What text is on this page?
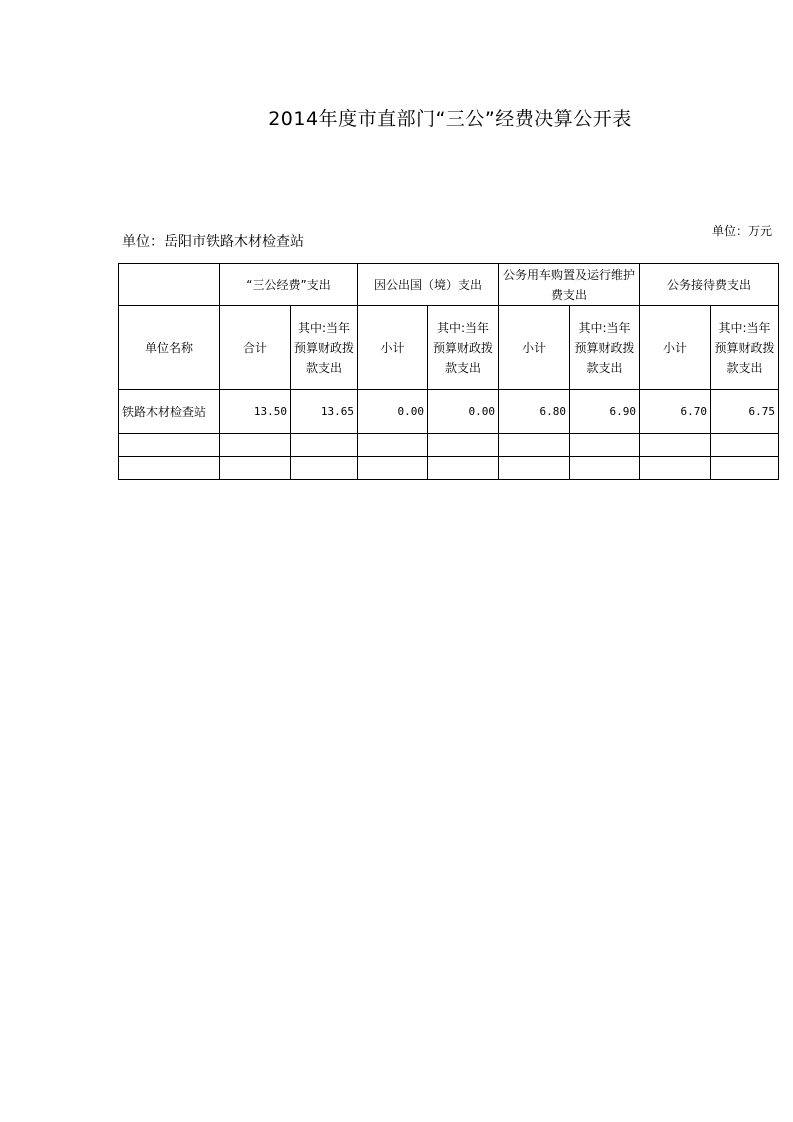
2014年度市直部门“三公”经费决算公开表
单位：岳阳市铁路木材检查站
单位：万元
	“三公经费”支出		因公出国（境）支出		公务用车购置及运行维护费支出		公务接待费支出	
单位名称	合计	其中:当年预算财政拨款支出	小计	其中:当年预算财政拨款支出	小计	其中:当年预算财政拨款支出	小计	其中:当年预算财政拨款支出
铁路木材检查站	13.50	13.65	0.00	0.00	6.80	6.90	6.70	6.75
